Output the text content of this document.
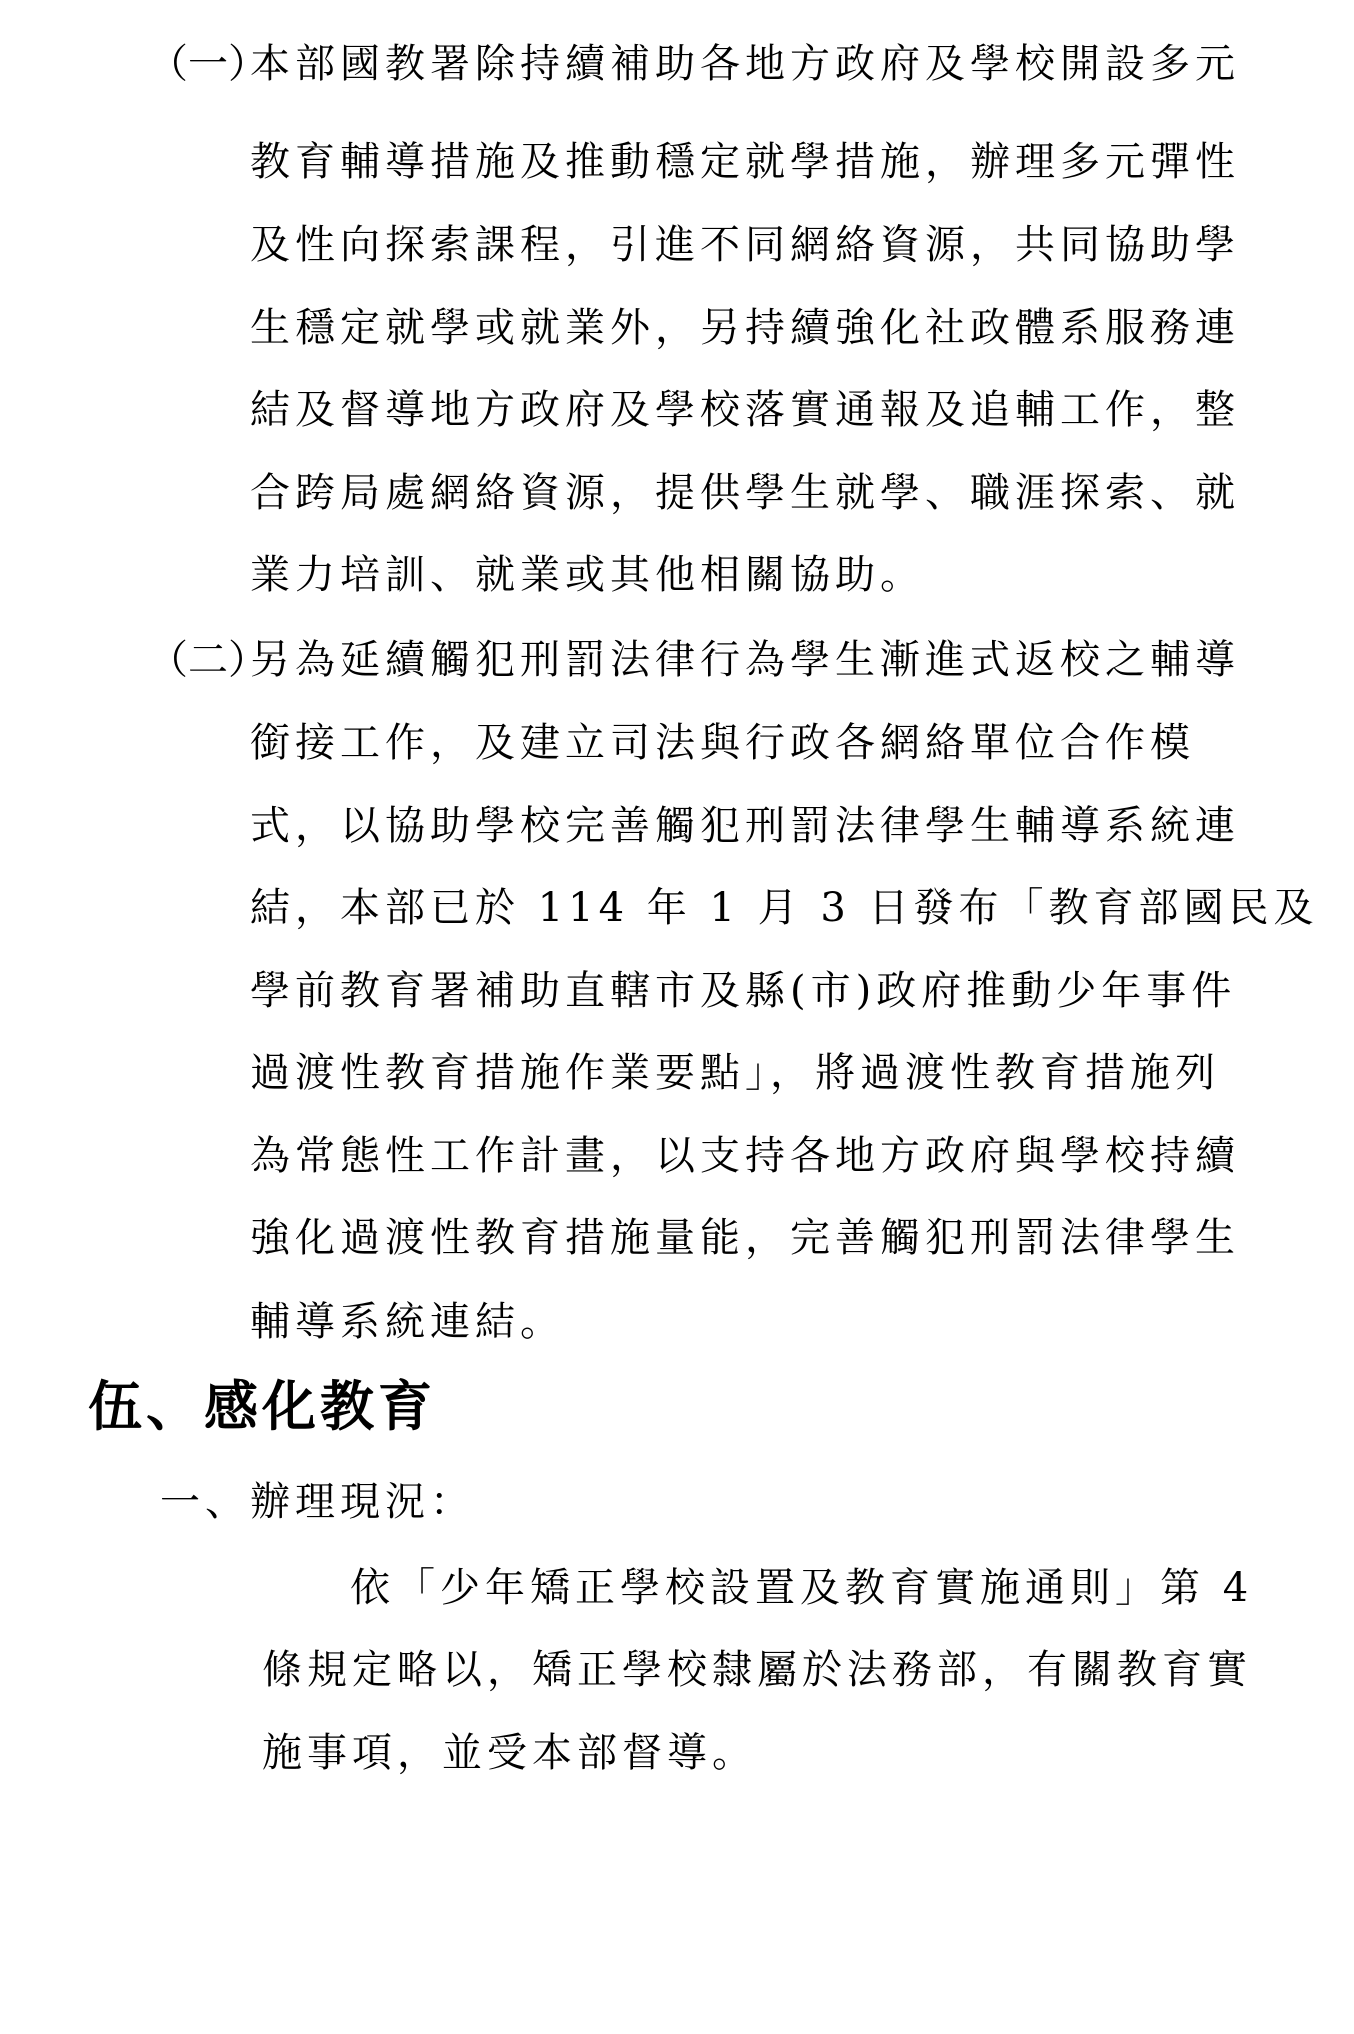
（一）
本部國教署除持續補助各地方政府及學校開設多元
教育輔導措施及推動穩定就學措施，辦理多元彈性
及性向探索課程，引進不同網絡資源，共同協助學
生穩定就學或就業外，另持續強化社政體系服務連
結及督導地方政府及學校落實通報及追輔工作，整
合跨局處網絡資源，提供學生就學、職涯探索、就
業力培訓、就業或其他相關協助。
（二）
另為延續觸犯刑罰法律行為學生漸進式返校之輔導
銜接工作，及建立司法與行政各網絡單位合作模
式，以協助學校完善觸犯刑罰法律學生輔導系統連
結，本部已於 114 年 1 月 3 日發布「教育部國民及
學前教育署補助直轄市及縣(市)政府推動少年事件
過渡性教育措施作業要點」，將過渡性教育措施列
為常態性工作計畫，以支持各地方政府與學校持續
強化過渡性教育措施量能，完善觸犯刑罰法律學生
輔導系統連結。
伍、感化教育
一、辦理現況：
依「少年矯正學校設置及教育實施通則」第 4
條規定略以，矯正學校隸屬於法務部，有關教育實
施事項，並受本部督導。
